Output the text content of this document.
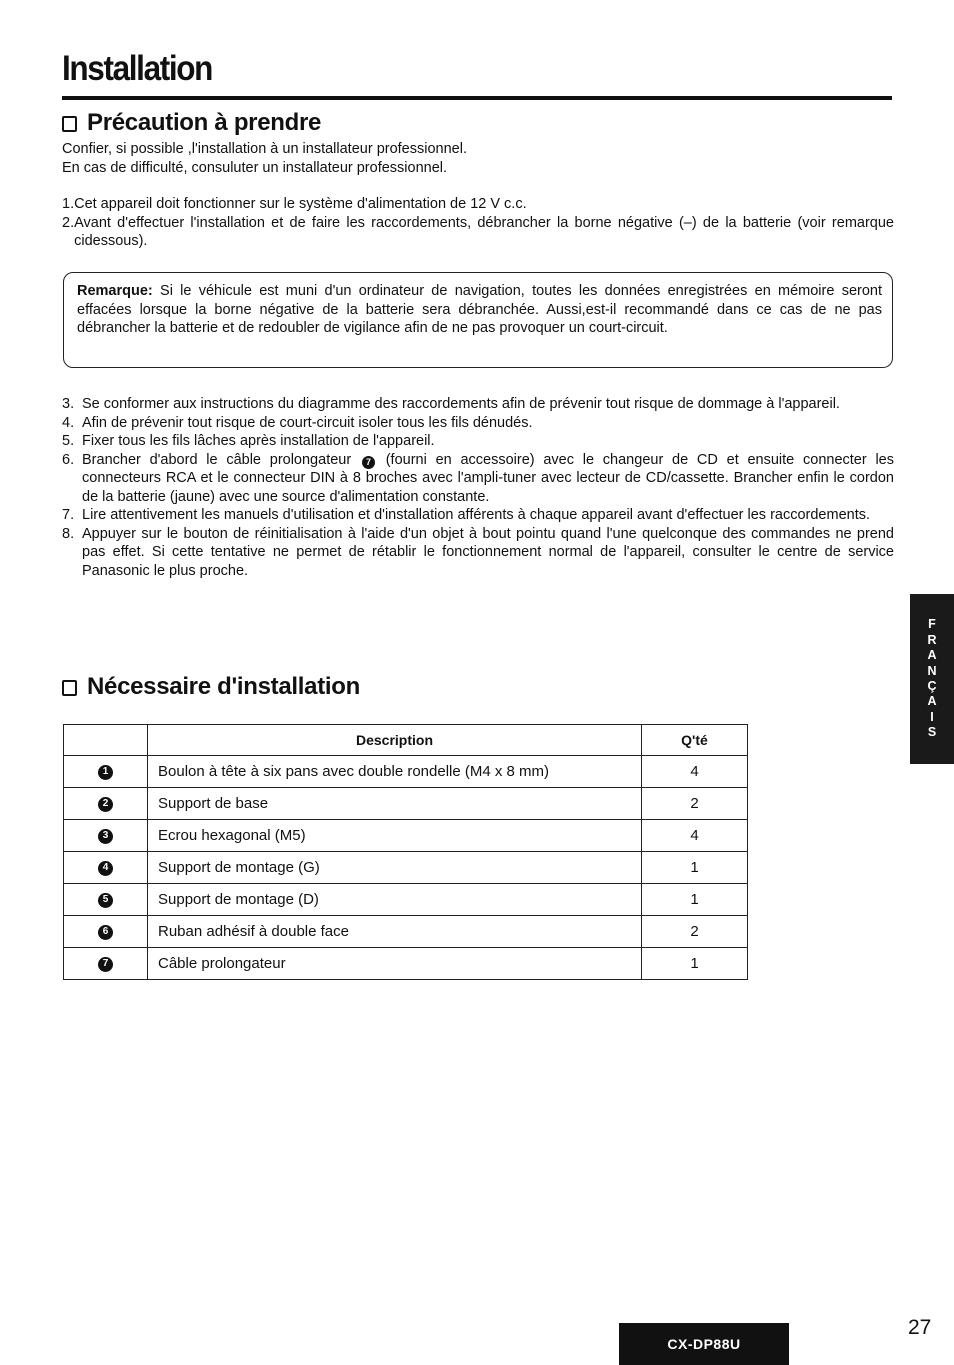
Installation
Précaution à prendre

Confier, si possible ,l'installation à un installateur professionnel.

En cas de difficulté, consuluter un installateur professionnel.

1. Cet appareil doit fonctionner sur le système d'alimentation de 12 V c.c.
2. Avant d'effectuer l'installation et de faire les raccordements, débrancher la borne négative (–) de la batterie (voir remarque cidessous).
Remarque: Si le véhicule est muni d'un ordinateur de navigation, toutes les données enregistrées en mémoire seront effacées lorsque la borne négative de la batterie sera débranchée. Aussi,est-il recommandé dans ce cas de ne pas débrancher la batterie et de redoubler de vigilance afin de ne pas provoquer un court-circuit.
3. Se conformer aux instructions du diagramme des raccordements afin de prévenir tout risque de dommage à l'appareil.
4. Afin de prévenir tout risque de court-circuit isoler tous les fils dénudés.
5. Fixer tous les fils lâches après installation de l'appareil.
6. Brancher d'abord le câble prolongateur 7 (fourni en accessoire) avec le changeur de CD et ensuite connecter les connecteurs RCA et le connecteur DIN à 8 broches avec l'ampli-tuner avec lecteur de CD/cassette. Brancher enfin le cordon de la batterie (jaune) avec une source d'alimentation constante.
7. Lire attentivement les manuels d'utilisation et d'installation afférents à chaque appareil avant d'effectuer les raccordements.
8. Appuyer sur le bouton de réinitialisation à l'aide d'un objet à bout pointu quand l'une quelconque des commandes ne prend pas effet. Si cette tentative ne permet de rétablir le fonctionnement normal de l'appareil, consulter le centre de service Panasonic le plus proche.
Nécessaire d'installation
	Description	Q'té
1	Boulon à tête à six pans avec double rondelle (M4 x 8 mm)	4
2	Support de base	2
3	Ecrou hexagonal (M5)	4
4	Support de montage (G)	1
5	Support de montage (D)	1
6	Ruban adhésif à double face	2
7	Câble prolongateur	1
F
R
A
N
Ç
A
I
S
CX-DP88U
27
